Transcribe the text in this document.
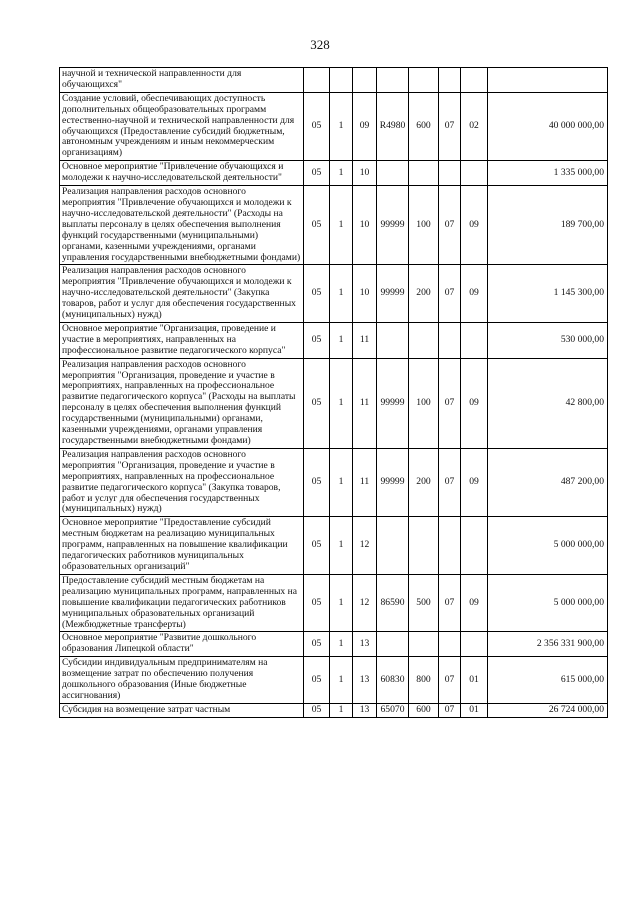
328
научной и технической направленности для обучающихся"								
Создание условий, обеспечивающих доступность дополнительных общеобразовательных программ естественно-научной и технической направленности для обучающихся (Предоставление субсидий бюджетным, автономным учреждениям и иным некоммерческим организациям)	05	1	09	R4980	600	07	02	40 000 000,00
Основное мероприятие "Привлечение обучающихся и молодежи к научно-исследовательской деятельности"	05	1	10					1 335 000,00
Реализация направления расходов основного мероприятия "Привлечение обучающихся и молодежи к научно-исследовательской деятельности" (Расходы на выплаты персоналу в целях обеспечения выполнения функций государственными (муниципальными) органами, казенными учреждениями, органами управления государственными внебюджетными фондами)	05	1	10	99999	100	07	09	189 700,00
Реализация направления расходов основного мероприятия "Привлечение обучающихся и молодежи к научно-исследовательской деятельности" (Закупка товаров, работ и услуг для обеспечения государственных (муниципальных) нужд)	05	1	10	99999	200	07	09	1 145 300,00
Основное мероприятие "Организация, проведение и участие в мероприятиях, направленных на профессиональное развитие педагогического корпуса"	05	1	11					530 000,00
Реализация направления расходов основного мероприятия "Организация, проведение и участие в мероприятиях, направленных на профессиональное развитие педагогического корпуса" (Расходы на выплаты персоналу в целях обеспечения выполнения функций государственными (муниципальными) органами, казенными учреждениями, органами управления государственными внебюджетными фондами)	05	1	11	99999	100	07	09	42 800,00
Реализация направления расходов основного мероприятия "Организация, проведение и участие в мероприятиях, направленных на профессиональное развитие педагогического корпуса" (Закупка товаров, работ и услуг для обеспечения государственных (муниципальных) нужд)	05	1	11	99999	200	07	09	487 200,00
Основное мероприятие "Предоставление субсидий местным бюджетам на реализацию муниципальных программ, направленных на повышение квалификации педагогических работников муниципальных образовательных организаций"	05	1	12					5 000 000,00
Предоставление субсидий местным бюджетам на реализацию муниципальных программ, направленных на повышение квалификации педагогических работников муниципальных образовательных организаций (Межбюджетные трансферты)	05	1	12	86590	500	07	09	5 000 000,00
Основное мероприятие "Развитие дошкольного образования Липецкой области"	05	1	13					2 356 331 900,00
Субсидии индивидуальным предпринимателям на возмещение затрат по обеспечению получения дошкольного образования (Иные бюджетные ассигнования)	05	1	13	60830	800	07	01	615 000,00
Субсидия на возмещение затрат частным	05	1	13	65070	600	07	01	26 724 000,00
